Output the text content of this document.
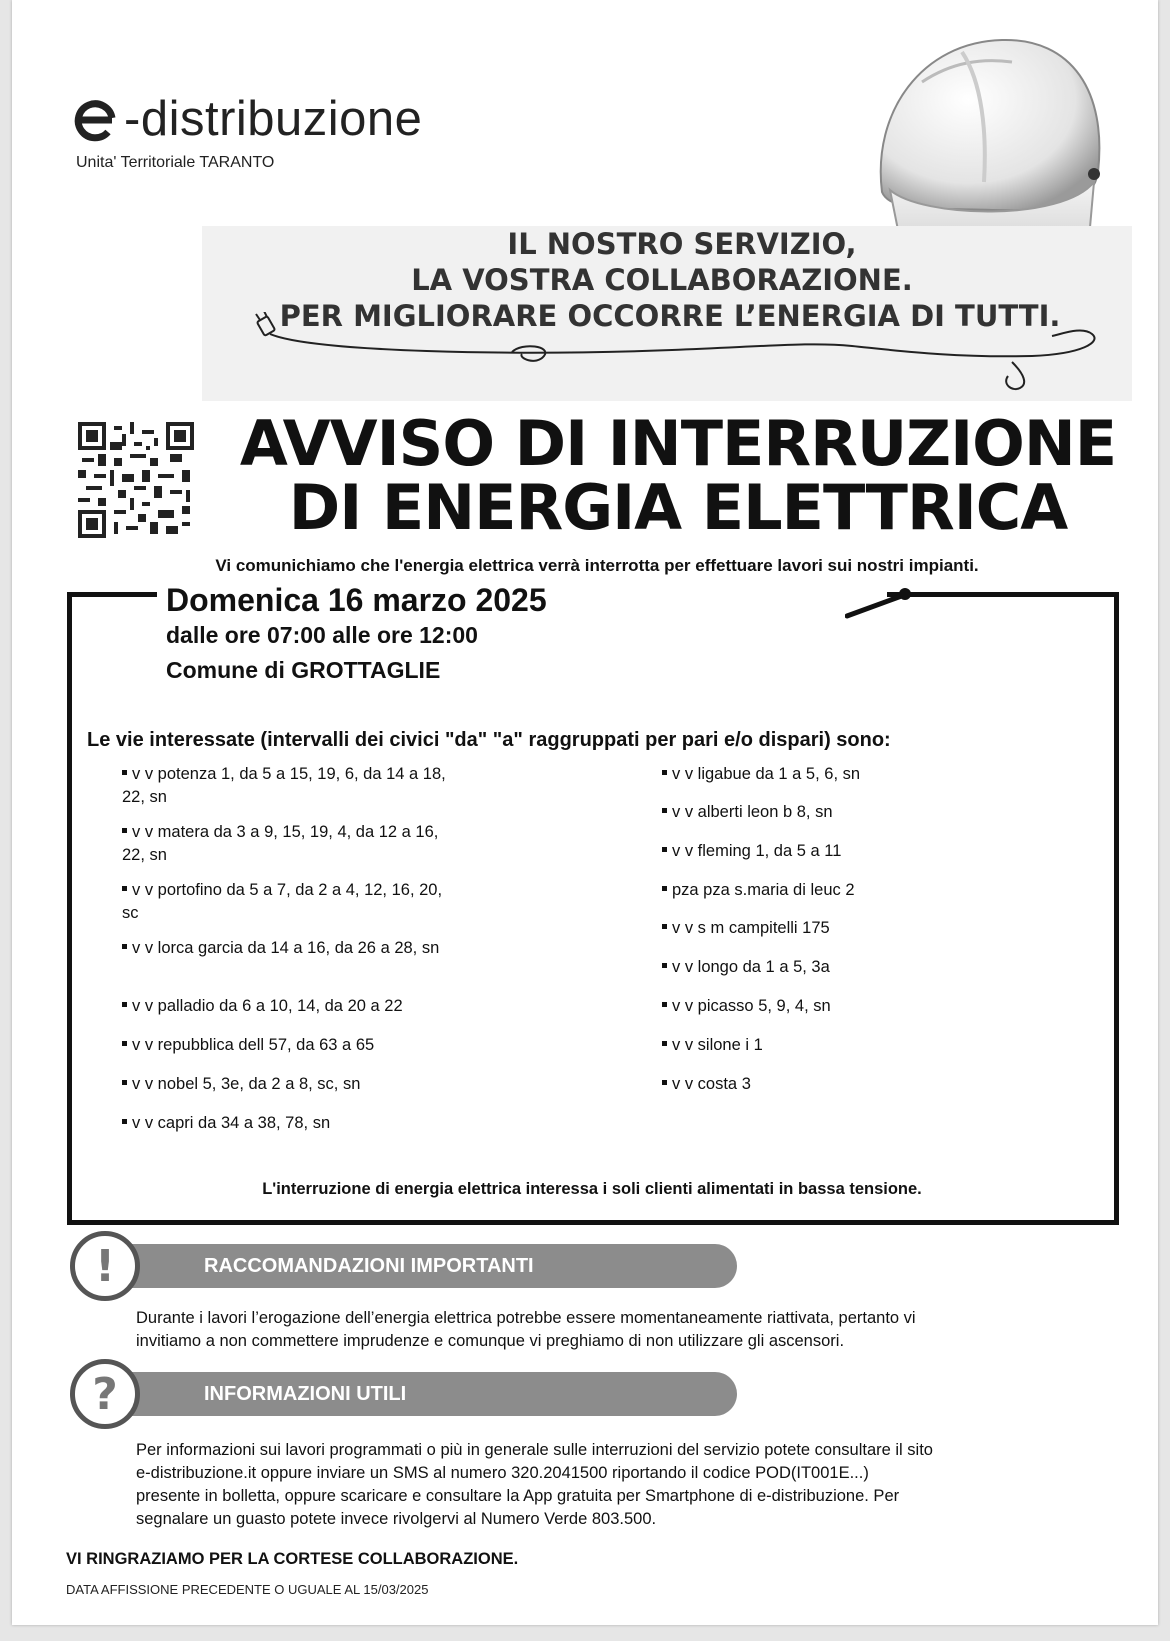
-distribuzione
Unita' Territoriale TARANTO
IL NOSTRO SERVIZIO,
LA VOSTRA COLLABORAZIONE.
PER MIGLIORARE OCCORRE L’ENERGIA DI TUTTI.
AVVISO DI INTERRUZIONE
DI ENERGIA ELETTRICA
Vi comunichiamo che l'energia elettrica verrà interrotta per effettuare lavori sui nostri impianti.
Domenica 16 marzo 2025
dalle ore 07:00 alle ore 12:00
Comune di GROTTAGLIE
Le vie interessate (intervalli dei civici "da" "a" raggruppati per pari e/o dispari) sono:
v v potenza 1, da 5 a 15, 19, 6, da 14 a 18,
22, sn
v v matera da 3 a 9, 15, 19, 4, da 12 a 16,
22, sn
v v portofino da 5 a 7, da 2 a 4, 12, 16, 20,
sc
v v lorca garcia da 14 a 16, da 26 a 28, sn
v v palladio da 6 a 10, 14, da 20 a 22
v v repubblica dell 57, da 63 a 65
v v nobel 5, 3e, da 2 a 8, sc, sn
v v capri da 34 a 38, 78, sn
v v ligabue da 1 a 5, 6, sn
v v alberti leon b 8, sn
v v fleming 1, da 5 a 11
pza pza s.maria di leuc 2
v v s m campitelli 175
v v longo da 1 a 5, 3a
v v picasso 5, 9, 4, sn
v v silone i 1
v v costa 3
L'interruzione di energia elettrica interessa i soli clienti alimentati in bassa tensione.
RACCOMANDAZIONI IMPORTANTI
!
Durante i lavori l’erogazione dell’energia elettrica potrebbe essere momentaneamente riattivata, pertanto vi
invitiamo a non commettere imprudenze e comunque vi preghiamo di non utilizzare gli ascensori.
INFORMAZIONI UTILI
?
Per informazioni sui lavori programmati o più in generale sulle interruzioni del servizio potete consultare il sito
e-distribuzione.it oppure inviare un SMS al numero 320.2041500 riportando il codice POD(IT001E...)
presente in bolletta, oppure scaricare e consultare la App gratuita per Smartphone di e-distribuzione. Per
segnalare un guasto potete invece rivolgervi al Numero Verde 803.500.
VI RINGRAZIAMO PER LA CORTESE COLLABORAZIONE.
DATA AFFISSIONE PRECEDENTE O UGUALE AL 15/03/2025
